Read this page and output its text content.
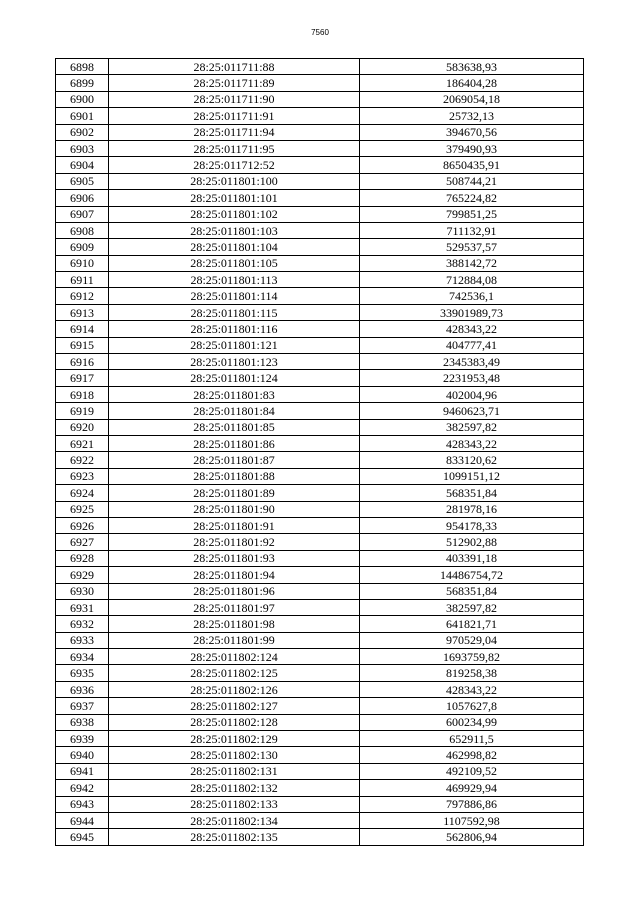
7560
6898	28:25:011711:88	583638,93
6899	28:25:011711:89	186404,28
6900	28:25:011711:90	2069054,18
6901	28:25:011711:91	25732,13
6902	28:25:011711:94	394670,56
6903	28:25:011711:95	379490,93
6904	28:25:011712:52	8650435,91
6905	28:25:011801:100	508744,21
6906	28:25:011801:101	765224,82
6907	28:25:011801:102	799851,25
6908	28:25:011801:103	711132,91
6909	28:25:011801:104	529537,57
6910	28:25:011801:105	388142,72
6911	28:25:011801:113	712884,08
6912	28:25:011801:114	742536,1
6913	28:25:011801:115	33901989,73
6914	28:25:011801:116	428343,22
6915	28:25:011801:121	404777,41
6916	28:25:011801:123	2345383,49
6917	28:25:011801:124	2231953,48
6918	28:25:011801:83	402004,96
6919	28:25:011801:84	9460623,71
6920	28:25:011801:85	382597,82
6921	28:25:011801:86	428343,22
6922	28:25:011801:87	833120,62
6923	28:25:011801:88	1099151,12
6924	28:25:011801:89	568351,84
6925	28:25:011801:90	281978,16
6926	28:25:011801:91	954178,33
6927	28:25:011801:92	512902,88
6928	28:25:011801:93	403391,18
6929	28:25:011801:94	14486754,72
6930	28:25:011801:96	568351,84
6931	28:25:011801:97	382597,82
6932	28:25:011801:98	641821,71
6933	28:25:011801:99	970529,04
6934	28:25:011802:124	1693759,82
6935	28:25:011802:125	819258,38
6936	28:25:011802:126	428343,22
6937	28:25:011802:127	1057627,8
6938	28:25:011802:128	600234,99
6939	28:25:011802:129	652911,5
6940	28:25:011802:130	462998,82
6941	28:25:011802:131	492109,52
6942	28:25:011802:132	469929,94
6943	28:25:011802:133	797886,86
6944	28:25:011802:134	1107592,98
6945	28:25:011802:135	562806,94
